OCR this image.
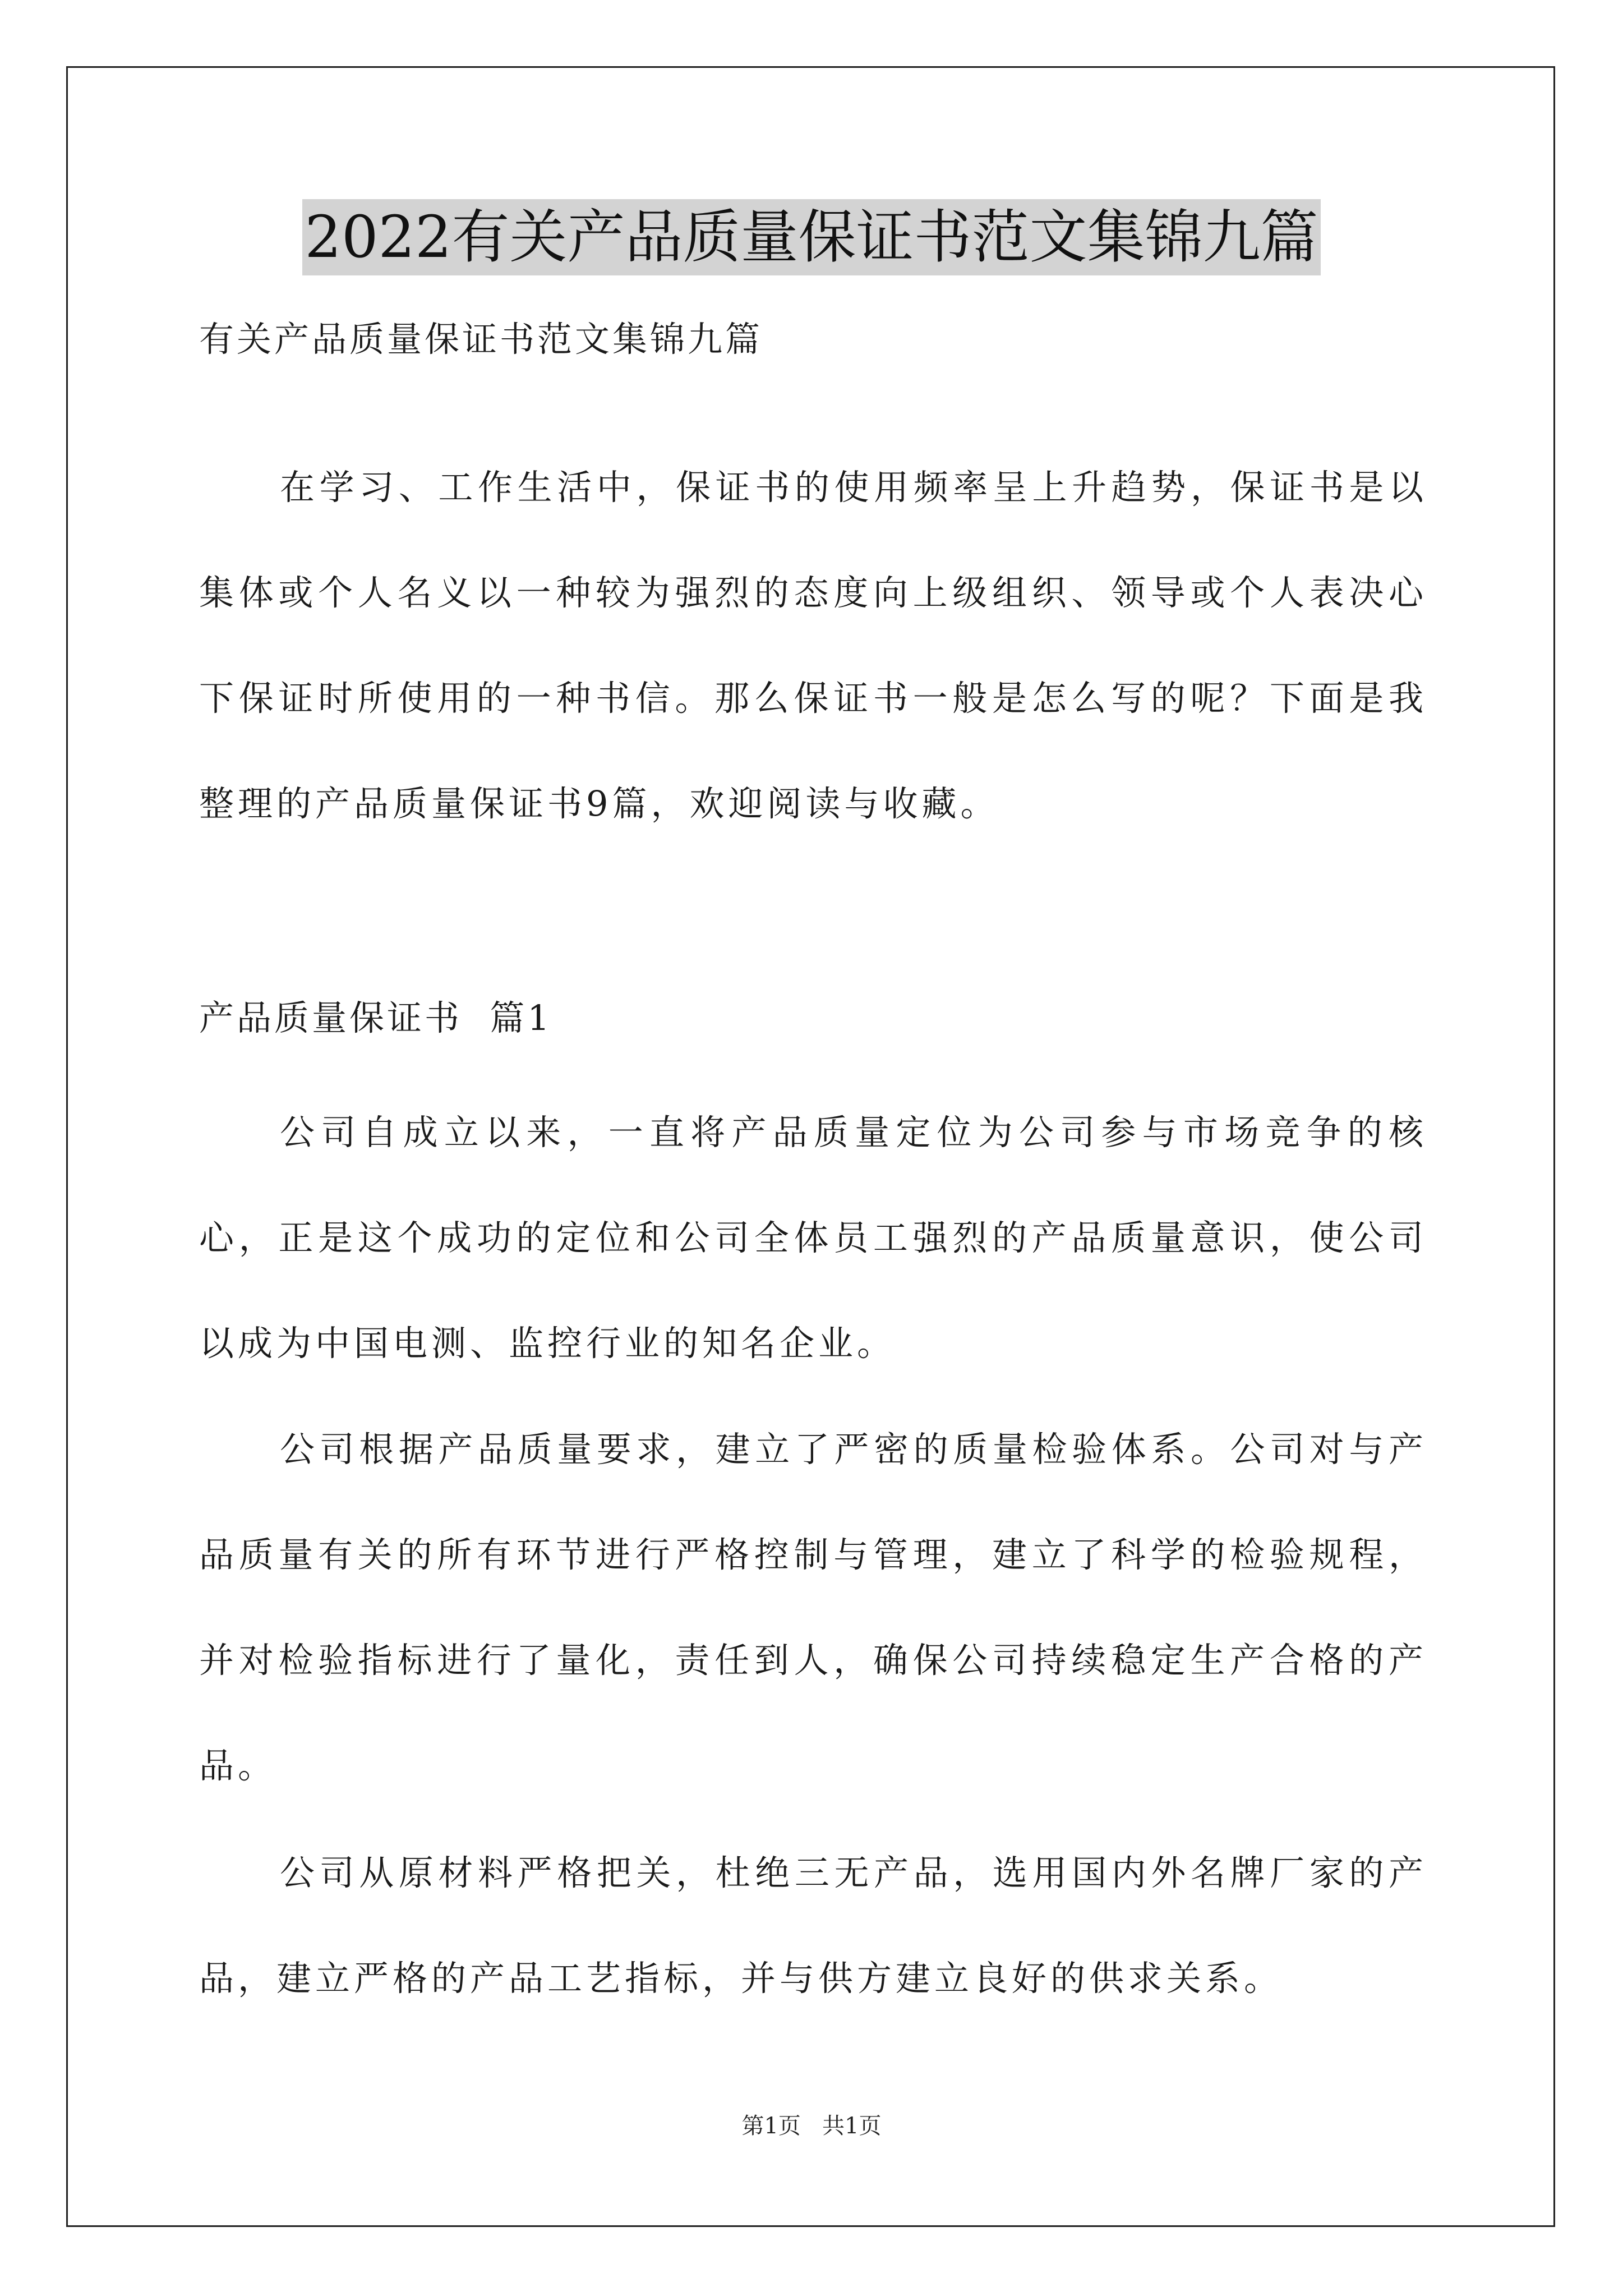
2022有关产品质量保证书范文集锦九篇
有关产品质量保证书范文集锦九篇
在学习、工作生活中，保证书的使用频率呈上升趋势，保证书是以集体或个人名义以一种较为强烈的态度向上级组织、领导或个人表决心下保证时所使用的一种书信。那么保证书一般是怎么写的呢？下面是我整理的产品质量保证书9篇，欢迎阅读与收藏。
产品质量保证书  篇1
公司自成立以来，一直将产品质量定位为公司参与市场竞争的核心，正是这个成功的定位和公司全体员工强烈的产品质量意识，使公司以成为中国电测、监控行业的知名企业。
公司根据产品质量要求，建立了严密的质量检验体系。公司对与产品质量有关的所有环节进行严格控制与管理，建立了科学的检验规程，并对检验指标进行了量化，责任到人，确保公司持续稳定生产合格的产品。
公司从原材料严格把关，杜绝三无产品，选用国内外名牌厂家的产品，建立严格的产品工艺指标，并与供方建立良好的供求关系。
第1页   共1页
